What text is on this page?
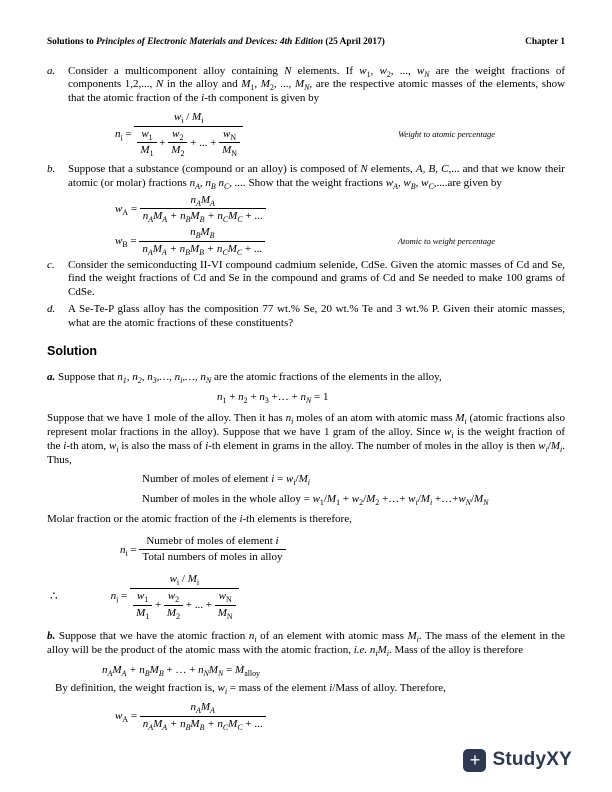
Solutions to Principles of Electronic Materials and Devices: 4th Edition (25 April 2017)	Chapter 1
a.	Consider a multicomponent alloy containing N elements. If $w_1$, $w_2$, ..., $w_N$ are the weight fractions of components 1,2,..., N in the alloy and $M_1$, $M_2$, ..., $M_N$, are the respective atomic masses of the elements, show that the atomic fraction of the i-th component is given by
$n_i = \frac{w_i / M_i}{\frac{w_1}{M_1} + \frac{w_2}{M_2} + ... + \frac{w_N}{M_N}}$	Weight to atomic percentage
b.	Suppose that a substance (compound or an alloy) is composed of N elements, A, B, C,... and that we know their atomic (or molar) fractions $n_A$, $n_B$ $n_C$, .... Show that the weight fractions $w_A$, $w_B$, $w_C,....are$ given by
$w_A = \frac{n_AM_A}{n_AM_A + n_BM_B + n_CM_C + ...}$
$w_B = \frac{n_BM_B}{n_AM_A + n_BM_B + n_CM_C + ...}$	Atomic to weight percentage
c.	Consider the semiconducting II-VI compound cadmium selenide, CdSe. Given the atomic masses of Cd and Se, find the weight fractions of Cd and Se in the compound and grams of Cd and Se needed to make 100 grams of CdSe.
d.	A Se-Te-P glass alloy has the composition 77 wt.% Se, 20 wt.% Te and 3 wt.% P. Given their atomic masses, what are the atomic fractions of these constituents?
Solution

a. Suppose that $n_1$, $n_2$, $n_3,\dots$, $n_i,\dots$, $n_N$ are the atomic fractions of the elements in the alloy,

$n_1 + n_2 + n_3$ +… + $n_N = 1$

Suppose that we have 1 mole of the alloy. Then it has $n_i$ moles of an atom with atomic mass $M_i$ (atomic fractions also represent molar fractions in the alloy). Suppose that we have 1 gram of the alloy. Since $w_i$ is the weight fraction of the i-th atom, $w_i$ is also the mass of i-th element in grams in the alloy. The number of moles in the alloy is then $w_i/M_i$. Thus,

Number of moles of element $i = w_i/M_i$
Number of moles in the whole alloy = $w_1/M_1 + w_2/M_2$ +…+ $w_i/M_i$ $+\dots+w_N/M_N$

Molar fraction or the atomic fraction of the i-th elements is therefore,

$n_i = \frac{\text{Numebr of moles of element i}}{\text{Total numbers of moles in alloy}}$
∴	$n_i = \frac{w_i / M_i}{\frac{w_1}{M_1} + \frac{w_2}{M_2} + ... + \frac{w_N}{M_N}}$

b. Suppose that we have the atomic fraction $n_i$ of an element with atomic mass $M_i$. The mass of the element in the alloy will be the product of the atomic mass with the atomic fraction, i.e. $n_iM_i$. Mass of the alloy is therefore

$n_AM_A + n_BM_B$ + … + $n_NM_N = M_{alloy}$

By definition, the weight fraction is, $w_i$ = mass of the element i/Mass of alloy. Therefore,

$w_A = \frac{n_AM_A}{n_AM_A + n_BM_B + n_CM_C + ...}$
+ StudyXY
